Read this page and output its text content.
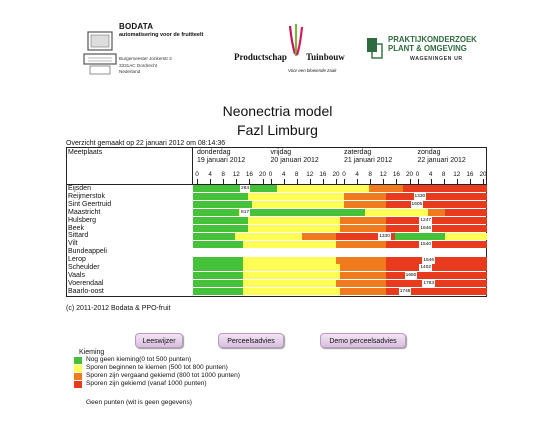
BODATA
automatisering voor de fruitteelt
Burgemeester Jonkerstr 2
3331AC Dordrecht
Nederland
Productschap Tuinbouw
Voor een bloeiende zaak
PRAKTIJKONDERZOEK
PLANT & OMGEVING
WAGENINGEN UR
Neonectria model
Fazl Limburg
Overzicht gemaakt op 22 januari 2012 om 08:14:36
Meetplaats	donderdag
19 januari 2012
0 4 8 12 16 20
vrijdag
20 januari 2012
0 4 8 12 16 20
zaterdag
21 januari 2012
0 4 8 12 16 20
zondag
22 januari 2012
0 4 8 12 16 20
Eijsden	284
Reijmerstok	1330
Sint Geertruid	1605
Maastricht	817
Hulsberg	1247
Beek	1646
Sittard	1330
Vilt	1540
Bundeappeli
Lerop	1546
Scheulder	1402
Vaals	1650
Voerendaal	1783
Baarlo-oost	1748
(c) 2011-2012 Bodata & PPO-fruit
Leeswijzer	Perceelsadvies	Demo perceelsadvies
Kieming
Nog geen kieming(0 tot 500 punten)
Sporen beginnen te kiemen (500 tot 800 punten)
Sporen zijn vergaand gekiemd (800 tot 1000 punten)
Sporen zijn gekiemd (vanaf 1000 punten)
Geen punten (wit is geen gegevens)
